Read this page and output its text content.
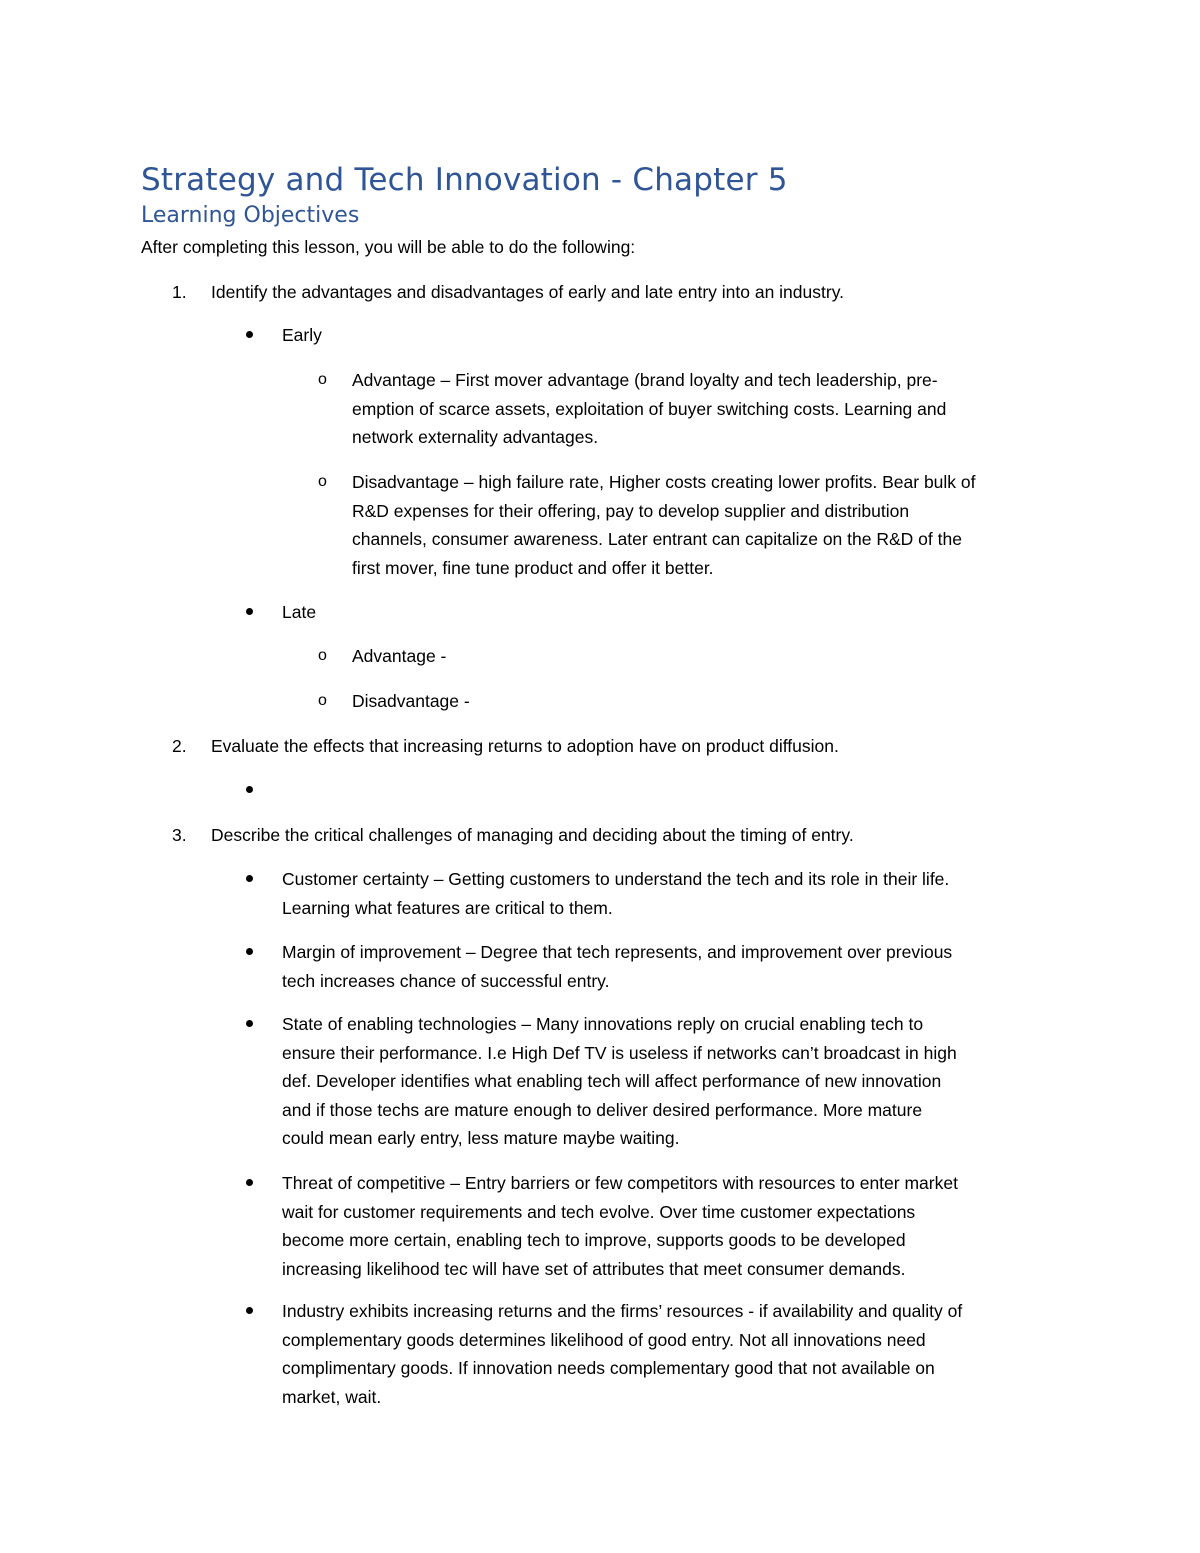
Strategy and Tech Innovation - Chapter 5
Learning Objectives
After completing this lesson, you will be able to do the following:
1. Identify the advantages and disadvantages of early and late entry into an industry.
Early
o Advantage – First mover advantage (brand loyalty and tech leadership, pre-
emption of scarce assets, exploitation of buyer switching costs. Learning and
network externality advantages.
o Disadvantage – high failure rate, Higher costs creating lower profits. Bear bulk of
R&D expenses for their offering, pay to develop supplier and distribution
channels, consumer awareness. Later entrant can capitalize on the R&D of the
first mover, fine tune product and offer it better.
Late
o Advantage -
o Disadvantage -
2. Evaluate the effects that increasing returns to adoption have on product diffusion.
3. Describe the critical challenges of managing and deciding about the timing of entry.
Customer certainty – Getting customers to understand the tech and its role in their life.
Learning what features are critical to them.
Margin of improvement – Degree that tech represents, and improvement over previous
tech increases chance of successful entry.
State of enabling technologies – Many innovations reply on crucial enabling tech to
ensure their performance. I.e High Def TV is useless if networks can’t broadcast in high
def. Developer identifies what enabling tech will affect performance of new innovation
and if those techs are mature enough to deliver desired performance. More mature
could mean early entry, less mature maybe waiting.
Threat of competitive – Entry barriers or few competitors with resources to enter market
wait for customer requirements and tech evolve. Over time customer expectations
become more certain, enabling tech to improve, supports goods to be developed
increasing likelihood tec will have set of attributes that meet consumer demands.
Industry exhibits increasing returns and the firms’ resources - if availability and quality of
complementary goods determines likelihood of good entry. Not all innovations need
complimentary goods. If innovation needs complementary good that not available on
market, wait.
